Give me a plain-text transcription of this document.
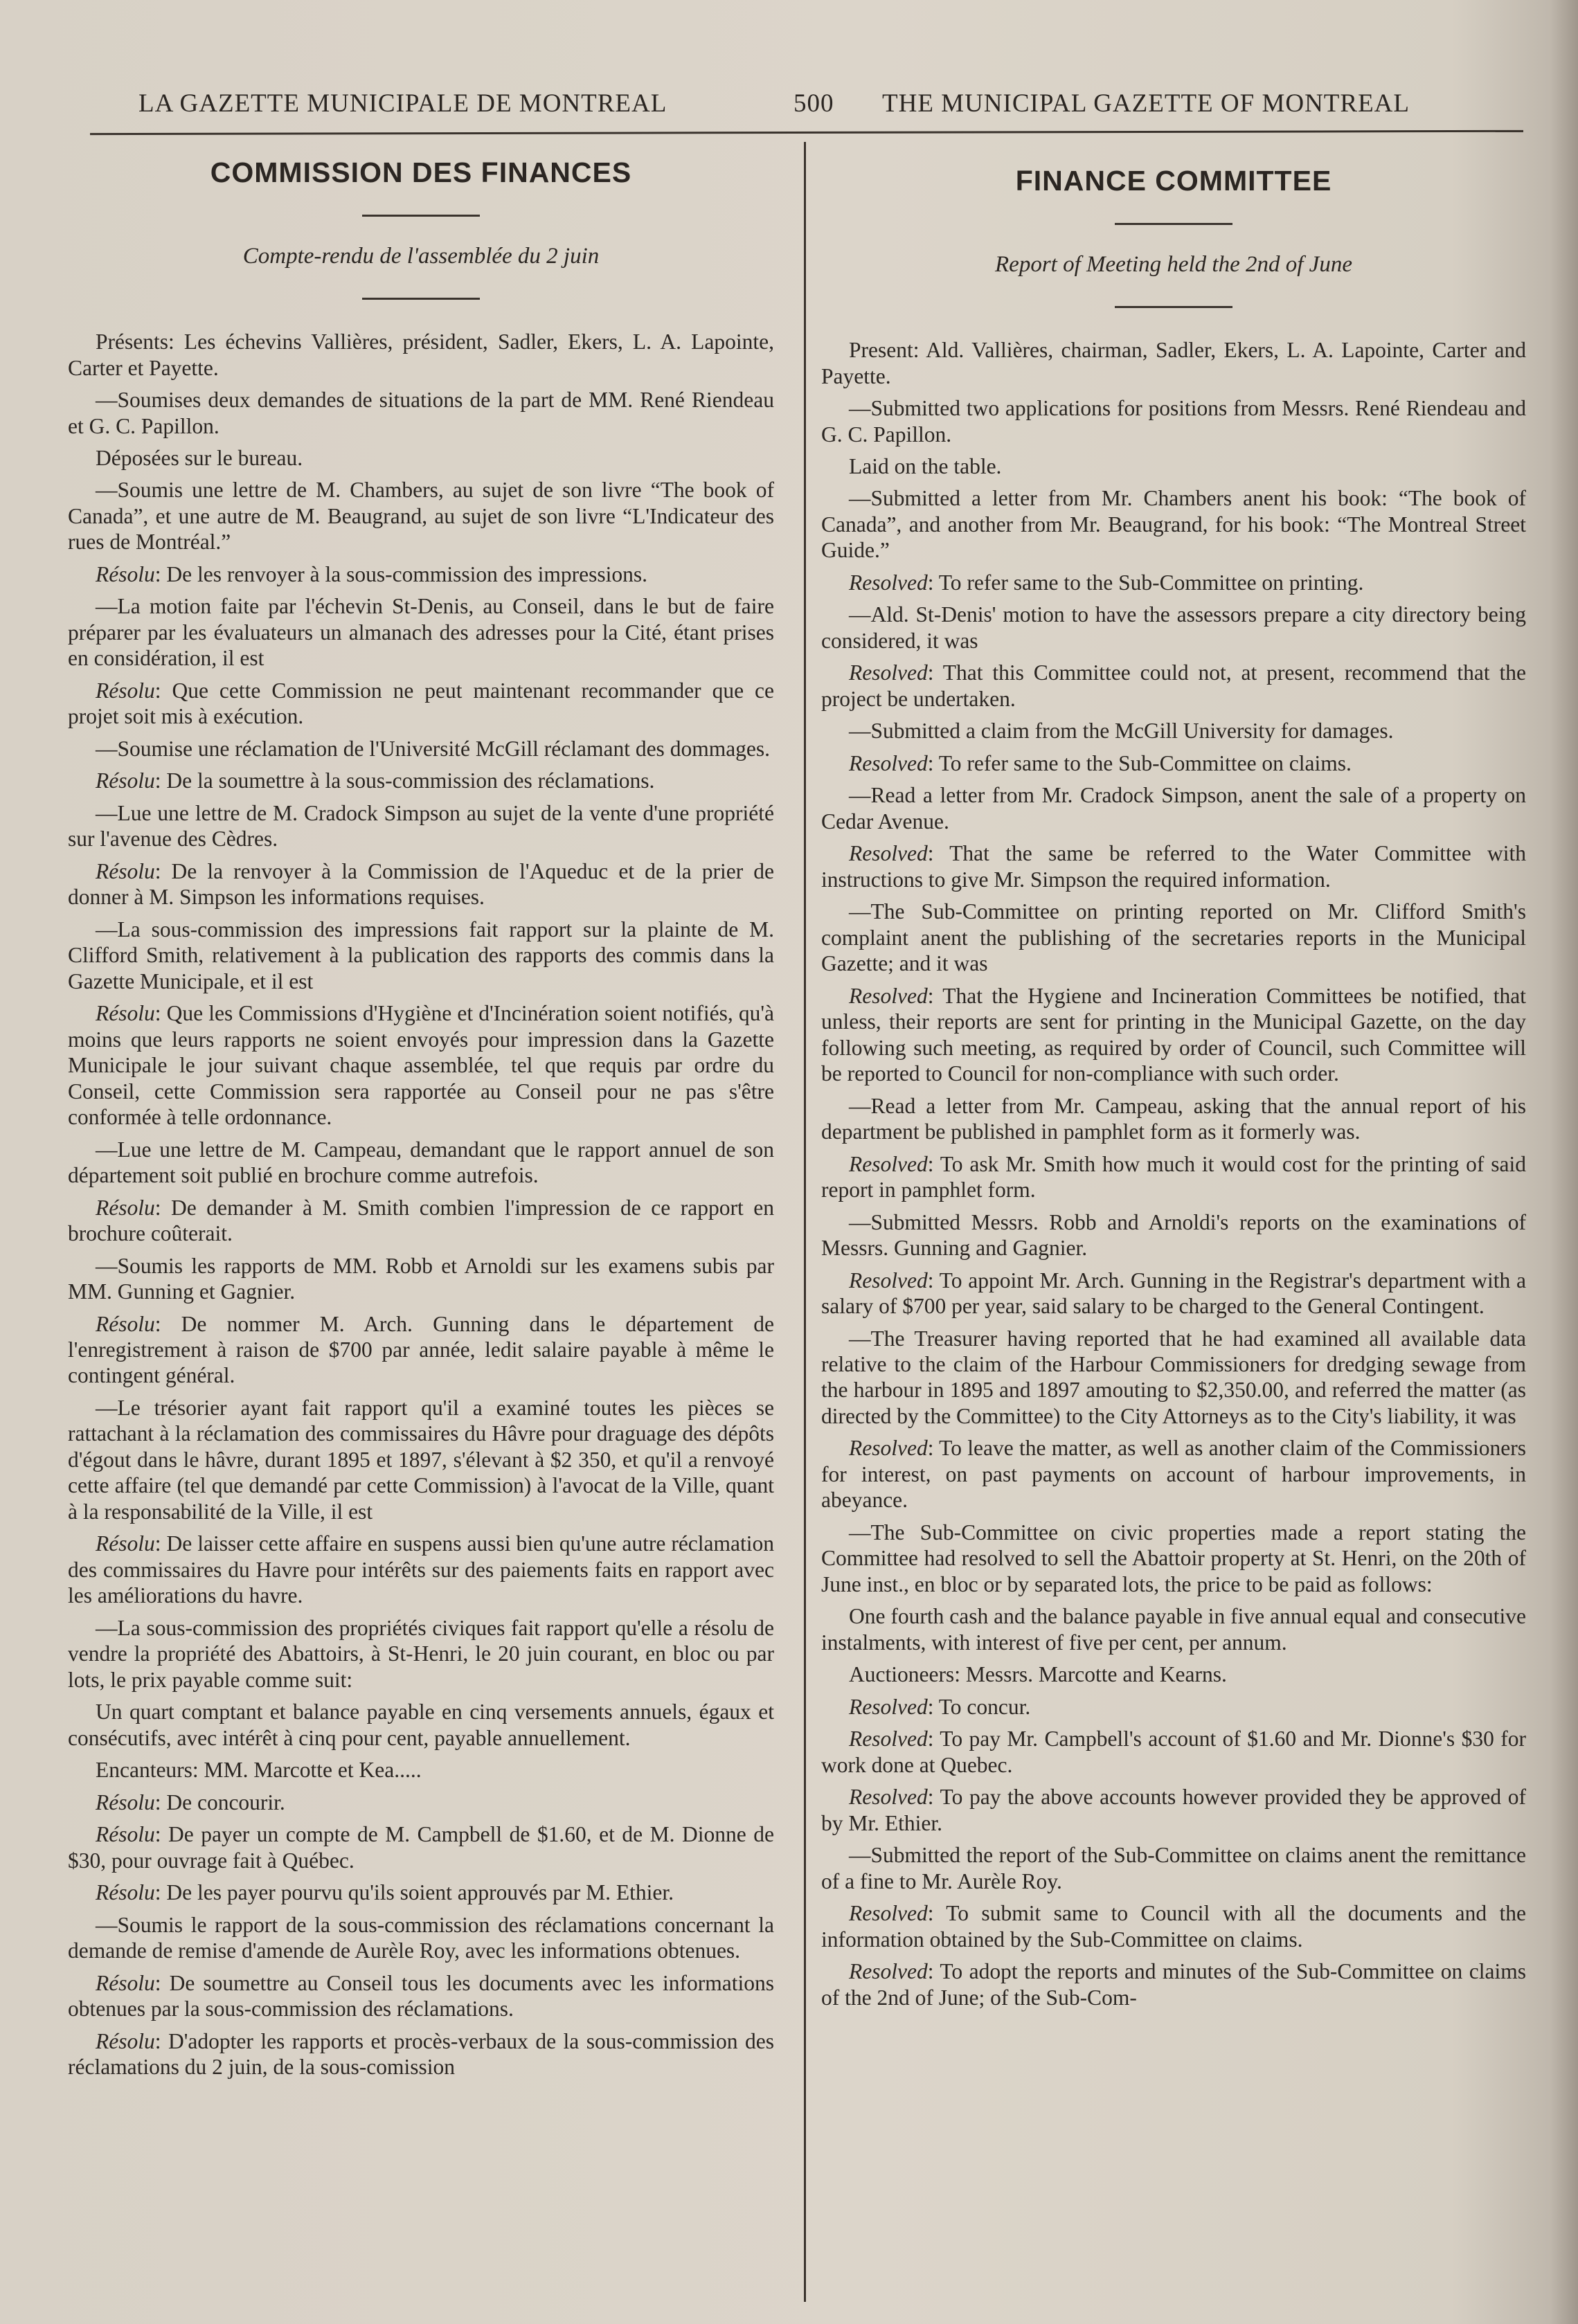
LA GAZETTE MUNICIPALE DE MONTREAL	500 THE MUNICIPAL GAZETTE OF MONTREAL
COMMISSION DES FINANCES
Compte-rendu de l'assemblée du 2 juin

Présents: Les échevins Vallières, président, Sadler, Ekers, L. A. Lapointe, Carter et Payette.

—Soumises deux demandes de situations de la part de MM. René Riendeau et G. C. Papillon.

Déposées sur le bureau.

—Soumis une lettre de M. Chambers, au sujet de son livre “The book of Canada”, et une autre de M. Beaugrand, au sujet de son livre “L'Indicateur des rues de Montréal.”

Résolu: De les renvoyer à la sous-commission des impressions.

—La motion faite par l'échevin St-Denis, au Conseil, dans le but de faire préparer par les évaluateurs un almanach des adresses pour la Cité, étant prises en considération, il est

Résolu: Que cette Commission ne peut maintenant recommander que ce projet soit mis à exécution.

—Soumise une réclamation de l'Université McGill réclamant des dommages.

Résolu: De la soumettre à la sous-commission des réclamations.

—Lue une lettre de M. Cradock Simpson au sujet de la vente d'une propriété sur l'avenue des Cèdres.

Résolu: De la renvoyer à la Commission de l'Aqueduc et de la prier de donner à M. Simpson les informations requises.

—La sous-commission des impressions fait rapport sur la plainte de M. Clifford Smith, relativement à la publication des rapports des commis dans la Gazette Municipale, et il est

Résolu: Que les Commissions d'Hygiène et d'Incinération soient notifiés, qu'à moins que leurs rapports ne soient envoyés pour impression dans la Gazette Municipale le jour suivant chaque assemblée, tel que requis par ordre du Conseil, cette Commission sera rapportée au Conseil pour ne pas s'être conformée à telle ordonnance.

—Lue une lettre de M. Campeau, demandant que le rapport annuel de son département soit publié en brochure comme autrefois.

Résolu: De demander à M. Smith combien l'impression de ce rapport en brochure coûterait.

—Soumis les rapports de MM. Robb et Arnoldi sur les examens subis par MM. Gunning et Gagnier.

Résolu: De nommer M. Arch. Gunning dans le département de l'enregistrement à raison de $700 par année, ledit salaire payable à même le contingent général.

—Le trésorier ayant fait rapport qu'il a examiné toutes les pièces se rattachant à la réclamation des commissaires du Hâvre pour draguage des dépôts d'égout dans le hâvre, durant 1895 et 1897, s'élevant à $2 350, et qu'il a renvoyé cette affaire (tel que demandé par cette Commission) à l'avocat de la Ville, quant à la responsabilité de la Ville, il est

Résolu: De laisser cette affaire en suspens aussi bien qu'une autre réclamation des commissaires du Havre pour intérêts sur des paiements faits en rapport avec les améliorations du havre.

—La sous-commission des propriétés civiques fait rapport qu'elle a résolu de vendre la propriété des Abattoirs, à St-Henri, le 20 juin courant, en bloc ou par lots, le prix payable comme suit:

Un quart comptant et balance payable en cinq versements annuels, égaux et consécutifs, avec intérêt à cinq pour cent, payable annuellement.

Encanteurs: MM. Marcotte et Kea.....

Résolu: De concourir.

Résolu: De payer un compte de M. Campbell de $1.60, et de M. Dionne de $30, pour ouvrage fait à Québec.

Résolu: De les payer pourvu qu'ils soient approuvés par M. Ethier.

—Soumis le rapport de la sous-commission des réclamations concernant la demande de remise d'amende de Aurèle Roy, avec les informations obtenues.

Résolu: De soumettre au Conseil tous les documents avec les informations obtenues par la sous-commission des réclamations.

Résolu: D'adopter les rapports et procès-verbaux de la sous-commission des réclamations du 2 juin, de la sous-comission

FINANCE COMMITTEE
Report of Meeting held the 2nd of June

Present: Ald. Vallières, chairman, Sadler, Ekers, L. A. Lapointe, Carter and Payette.

—Submitted two applications for positions from Messrs. René Riendeau and G. C. Papillon.

Laid on the table.

—Submitted a letter from Mr. Chambers anent his book: “The book of Canada”, and another from Mr. Beaugrand, for his book: “The Montreal Street Guide.”

Resolved: To refer same to the Sub-Committee on printing.

—Ald. St-Denis' motion to have the assessors prepare a city directory being considered, it was

Resolved: That this Committee could not, at present, recommend that the project be undertaken.

—Submitted a claim from the McGill University for damages.

Resolved: To refer same to the Sub-Committee on claims.

—Read a letter from Mr. Cradock Simpson, anent the sale of a property on Cedar Avenue.

Resolved: That the same be referred to the Water Committee with instructions to give Mr. Simpson the required information.

—The Sub-Committee on printing reported on Mr. Clifford Smith's complaint anent the publishing of the secretaries reports in the Municipal Gazette; and it was

Resolved: That the Hygiene and Incineration Committees be notified, that unless, their reports are sent for printing in the Municipal Gazette, on the day following such meeting, as required by order of Council, such Committee will be reported to Council for non-compliance with such order.

—Read a letter from Mr. Campeau, asking that the annual report of his department be published in pamphlet form as it formerly was.

Resolved: To ask Mr. Smith how much it would cost for the printing of said report in pamphlet form.

—Submitted Messrs. Robb and Arnoldi's reports on the examinations of Messrs. Gunning and Gagnier.

Resolved: To appoint Mr. Arch. Gunning in the Registrar's department with a salary of $700 per year, said salary to be charged to the General Contingent.

—The Treasurer having reported that he had examined all available data relative to the claim of the Harbour Commissioners for dredging sewage from the harbour in 1895 and 1897 amouting to $2,350.00, and referred the matter (as directed by the Committee) to the City Attorneys as to the City's liability, it was

Resolved: To leave the matter, as well as another claim of the Commissioners for interest, on past payments on account of harbour improvements, in abeyance.

—The Sub-Committee on civic properties made a report stating the Committee had resolved to sell the Abattoir property at St. Henri, on the 20th of June inst., en bloc or by separated lots, the price to be paid as follows:

One fourth cash and the balance payable in five annual equal and consecutive instalments, with interest of five per cent, per annum.

Auctioneers: Messrs. Marcotte and Kearns.

Resolved: To concur.

Resolved: To pay Mr. Campbell's account of $1.60 and Mr. Dionne's $30 for work done at Quebec.

Resolved: To pay the above accounts however provided they be approved of by Mr. Ethier.

—Submitted the report of the Sub-Committee on claims anent the remittance of a fine to Mr. Aurèle Roy.

Resolved: To submit same to Council with all the documents and the information obtained by the Sub-Committee on claims.

Resolved: To adopt the reports and minutes of the Sub-Committee on claims of the 2nd of June; of the Sub-Com-
